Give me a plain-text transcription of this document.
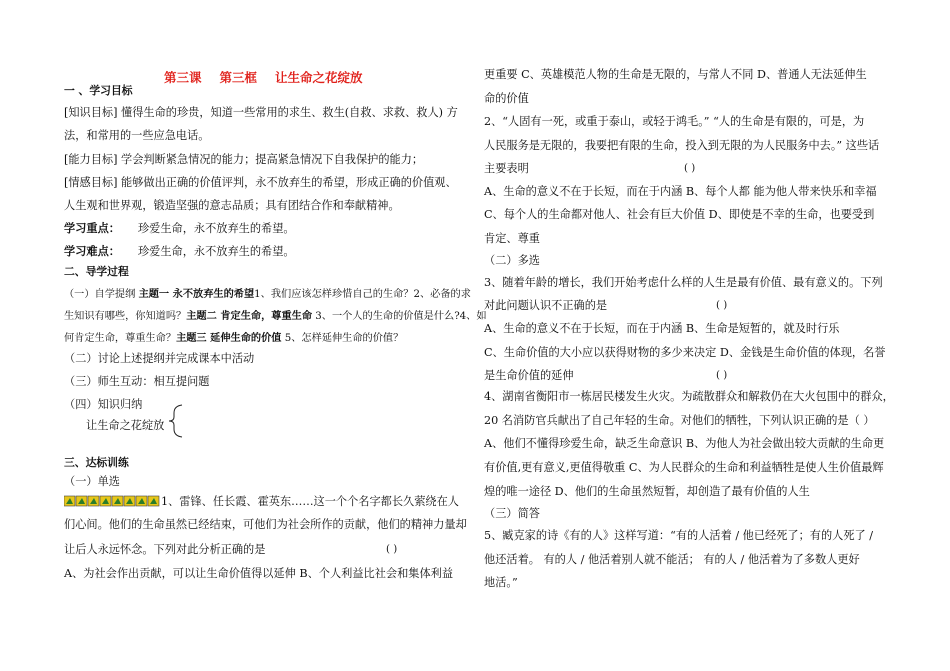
第三课 第三框 让生命之花绽放
一 、学习目标
[知识目标] 懂得生命的珍贵，知道一些常用的求生、救生(自救、求救、救人) 方
法，和常用的一些应急电话。
[能力目标] 学会判断紧急情况的能力；提高紧急情况下自我保护的能力；
[情感目标] 能够做出正确的价值评判，永不放弃生的希望，形成正确的价值观、
人生观和世界观，锻造坚强的意志品质；具有团结合作和奉献精神。
学习重点： 珍爱生命，永不放弃生的希望。
学习难点： 珍爱生命，永不放弃生的希望。
二、导学过程
（一）自学提纲 主题一 永不放弃生的希望1、我们应该怎样珍惜自己的生命？2、必备的求
生知识有哪些，你知道吗？主题二 肯定生命，尊重生命 3、一个人的生命的价值是什么?4、如
何肯定生命，尊重生命？主题三 延伸生命的价值 5、怎样延伸生命的价值？
（二）讨论上述提纲并完成课本中活动
（三）师生互动：相互提问题
（四）知识归纳
让生命之花绽放
三、达标训练
（一）单选
1、雷锋、任长霞、霍英东……这一个个名字都长久萦绕在人
们心间。他们的生命虽然已经结束，可他们为社会所作的贡献，他们的精神力量却
让后人永远怀念。下列对此分析正确的是	( )
A、为社会作出贡献，可以让生命价值得以延伸 B、个人利益比社会和集体利益
更重要 C、英雄模范人物的生命是无限的，与常人不同 D、普通人无法延伸生
命的价值
2、“人固有一死，或重于泰山，或轻于鸿毛。” “人的生命是有限的，可是，为
人民服务是无限的，我要把有限的生命，投入到无限的为人民服务中去。” 这些话
主要表明	( )
A、生命的意义不在于长短，而在于内涵 B、每个人都 能为他人带来快乐和幸福
C、每个人的生命都对他人、社会有巨大价值 D、即使是不幸的生命，也要受到
肯定、尊重
（二）多选
3、随着年龄的增长，我们开始考虑什么样的人生是最有价值、最有意义的。下列
对此问题认识不正确的是	( )
A、生命的意义不在于长短，而在于内涵 B、生命是短暂的，就及时行乐
C、生命价值的大小应以获得财物的多少来决定 D、金钱是生命价值的体现，名誉
是生命价值的延伸	( )
4、湖南省衡阳市一栋居民楼发生火灾。为疏散群众和解救仍在大火包围中的群众，
20 名消防官兵献出了自己年轻的生命。对他们的牺牲，下列认识正确的是（ ）
A、他们不懂得珍爱生命，缺乏生命意识 B、为他人为社会做出较大贡献的生命更
有价值,更有意义,更值得敬重 C、为人民群众的生命和利益牺牲是使人生价值最辉
煌的唯一途径 D、他们的生命虽然短暂，却创造了最有价值的人生
（三）简答
5、臧克家的诗《有的人》这样写道：“有的人活着 / 他已经死了；有的人死了 /
他还活着。 有的人 / 他活着别人就不能活； 有的人 / 他活着为了多数人更好
地活。”
